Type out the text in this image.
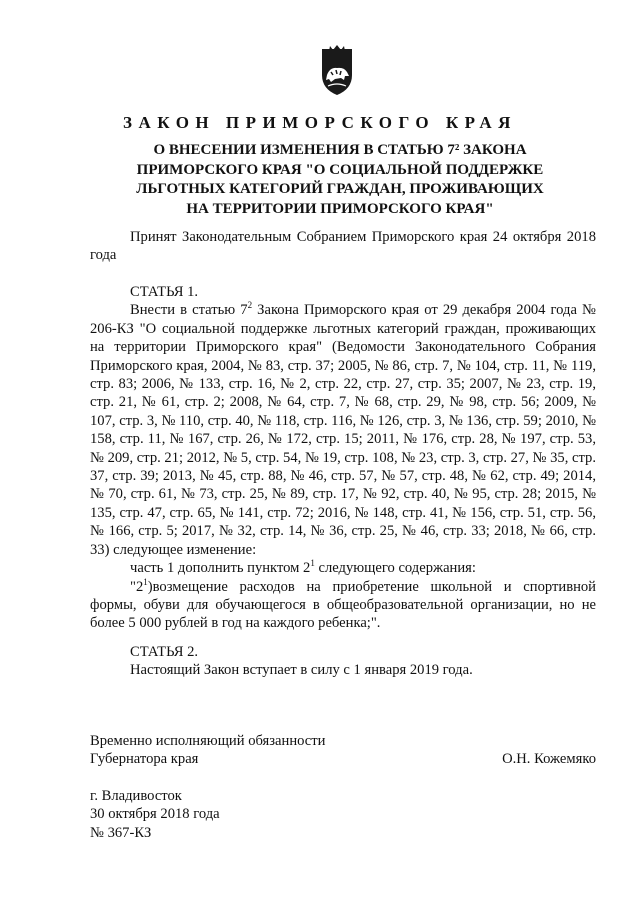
ЗАКОН ПРИМОРСКОГО КРАЯ
О ВНЕСЕНИИ ИЗМЕНЕНИЯ В СТАТЬЮ 7² ЗАКОНА
ПРИМОРСКОГО КРАЯ "О СОЦИАЛЬНОЙ ПОДДЕРЖКЕ
ЛЬГОТНЫХ КАТЕГОРИЙ ГРАЖДАН, ПРОЖИВАЮЩИХ
НА ТЕРРИТОРИИ ПРИМОРСКОГО КРАЯ"

Принят Законодательным Собранием Приморского края 24 октября 2018 года

СТАТЬЯ 1.

Внести в статью $7^2$ Закона Приморского края от 29 декабря 2004 года № 206-КЗ "О социальной поддержке льготных категорий граждан, проживающих на территории Приморского края" (Ведомости Законодательного Собрания Приморского края, 2004, № 83, стр. 37; 2005, № 86, стр. 7, № 104, стр. 11, № 119, стр. 83; 2006, № 133, стр. 16, № 2, стр. 22, стр. 27, стр. 35; 2007, № 23, стр. 19, стр. 21, № 61, стр. 2; 2008, № 64, стр. 7, № 68, стр. 29, № 98, стр. 56; 2009, № 107, стр. 3, № 110, стр. 40, № 118, стр. 116, № 126, стр. 3, № 136, стр. 59; 2010, № 158, стр. 11, № 167, стр. 26, № 172, стр. 15; 2011, № 176, стр. 28, № 197, стр. 53, № 209, стр. 21; 2012, № 5, стр. 54, № 19, стр. 108, № 23, стр. 3, стр. 27, № 35, стр. 37, стр. 39; 2013, № 45, стр. 88, № 46, стр. 57, № 57, стр. 48, № 62, стр. 49; 2014, № 70, стр. 61, № 73, стр. 25, № 89, стр. 17, № 92, стр. 40, № 95, стр. 28; 2015, № 135, стр. 47, стр. 65, № 141, стр. 72; 2016, № 148, стр. 41, № 156, стр. 51, стр. 56, № 166, стр. 5; 2017, № 32, стр. 14, № 36, стр. 25, № 46, стр. 33; 2018, № 66, стр. 33) следующее изменение:

часть 1 дополнить пунктом $2^1$ следующего содержания:

"$2^1)возмещение$ расходов на приобретение школьной и спортивной формы, обуви для обучающегося в общеобразовательной организации, но не более 5 000 рублей в год на каждого ребенка;".

СТАТЬЯ 2.

Настоящий Закон вступает в силу с 1 января 2019 года.

Временно исполняющий обязанности
Губернатора края	О.Н. Кожемяко
г. Владивосток
30 октября 2018 года
№ 367-КЗ
